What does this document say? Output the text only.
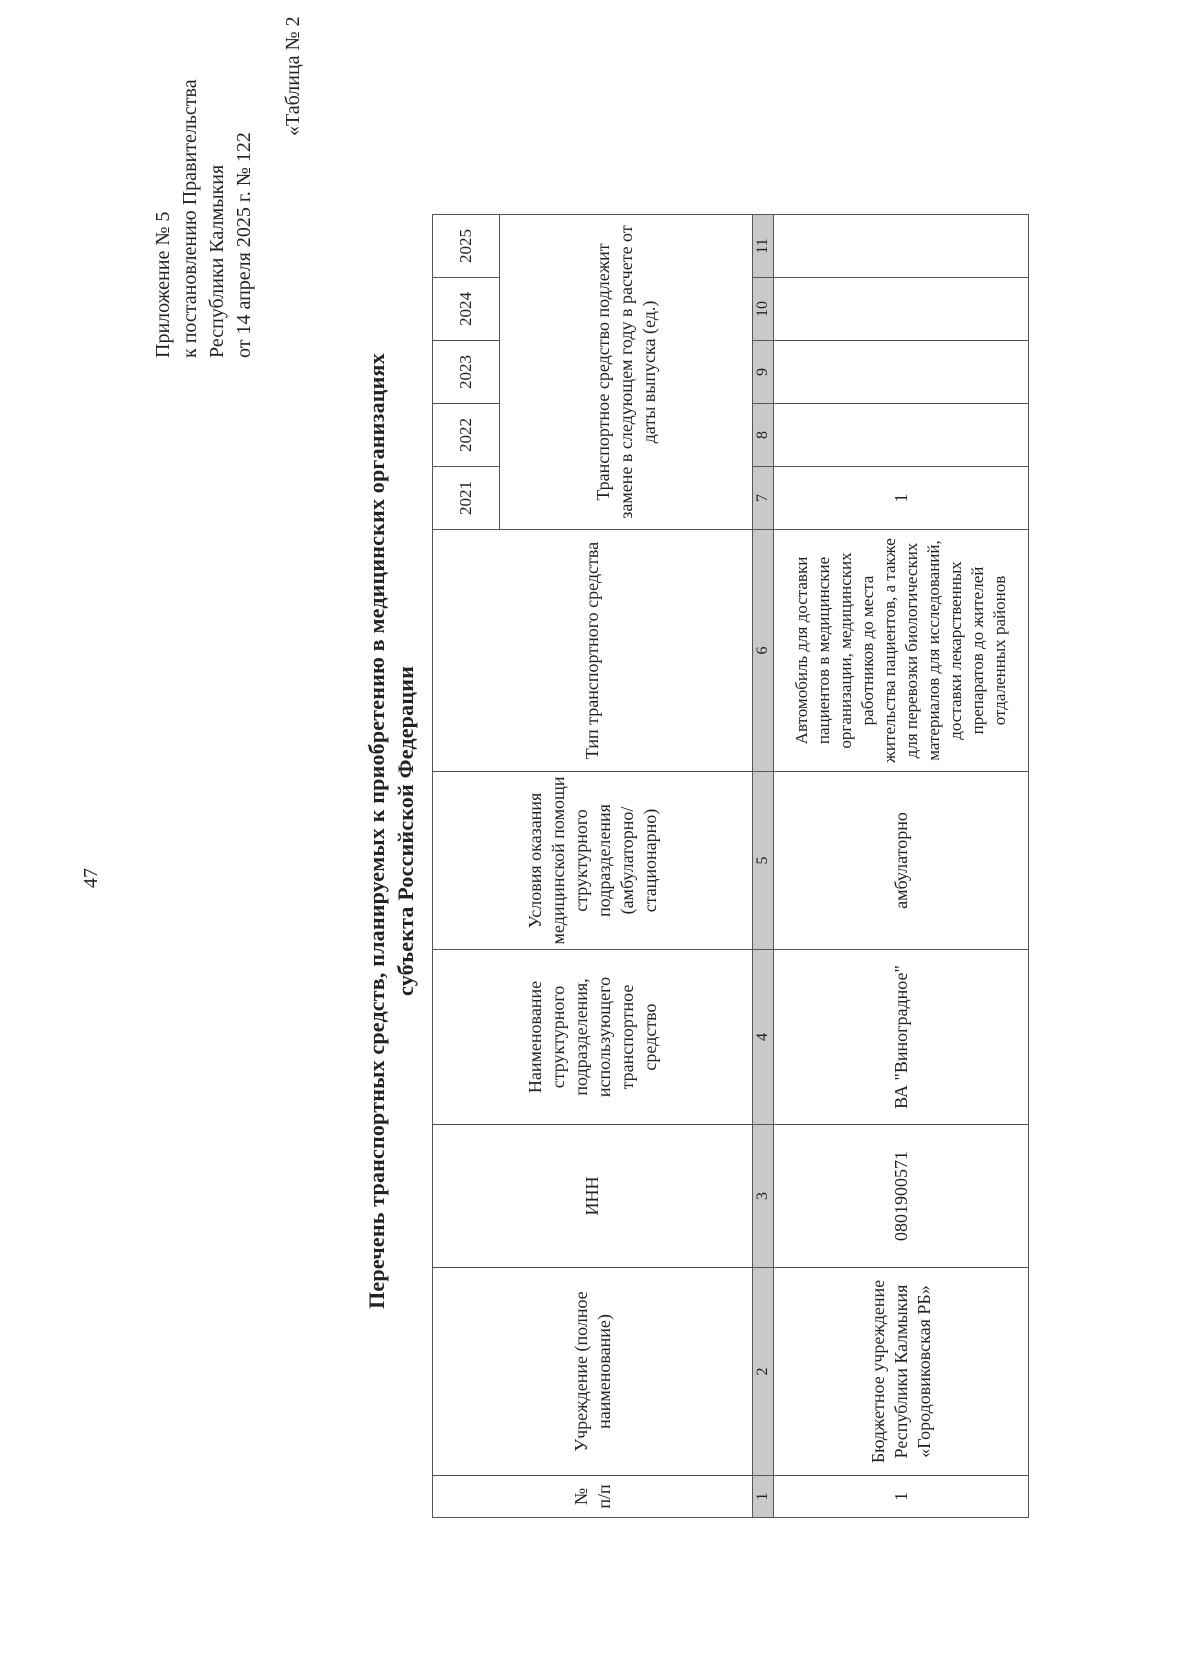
47
Приложение № 5 к постановлению Правительства Республики Калмыкия от 14 апреля 2025 г. № 122
«Таблица № 2
Перечень транспортных средств, планируемых к приобретению в медицинских организациях субъекта Российской Федерации
№ п/п	Учреждение (полное наименование)	ИНН	Наименование структурного подразделения, использующего транспортное средство	Условия оказания медицинской помощи структурного подразделения (амбулаторно/стационарно)	Тип транспортного средства	2021	2022	2023	2024	2025
						Транспортное средство подлежит замене в следующем году в расчете от даты выпуска (ед.)				
1	2	3	4	5	6	7	8	9	10	11
1	Бюджетное учреждение Республики Калмыкия «Городовиковская РБ»	0801900571	ВА "Виноградное"	амбулаторно	Автомобиль для доставки пациентов в медицинские организации, медицинских работников до места жительства пациентов, а также для перевозки биологических материалов для исследований, доставки лекарственных препаратов до жителей отдаленных районов	1				
